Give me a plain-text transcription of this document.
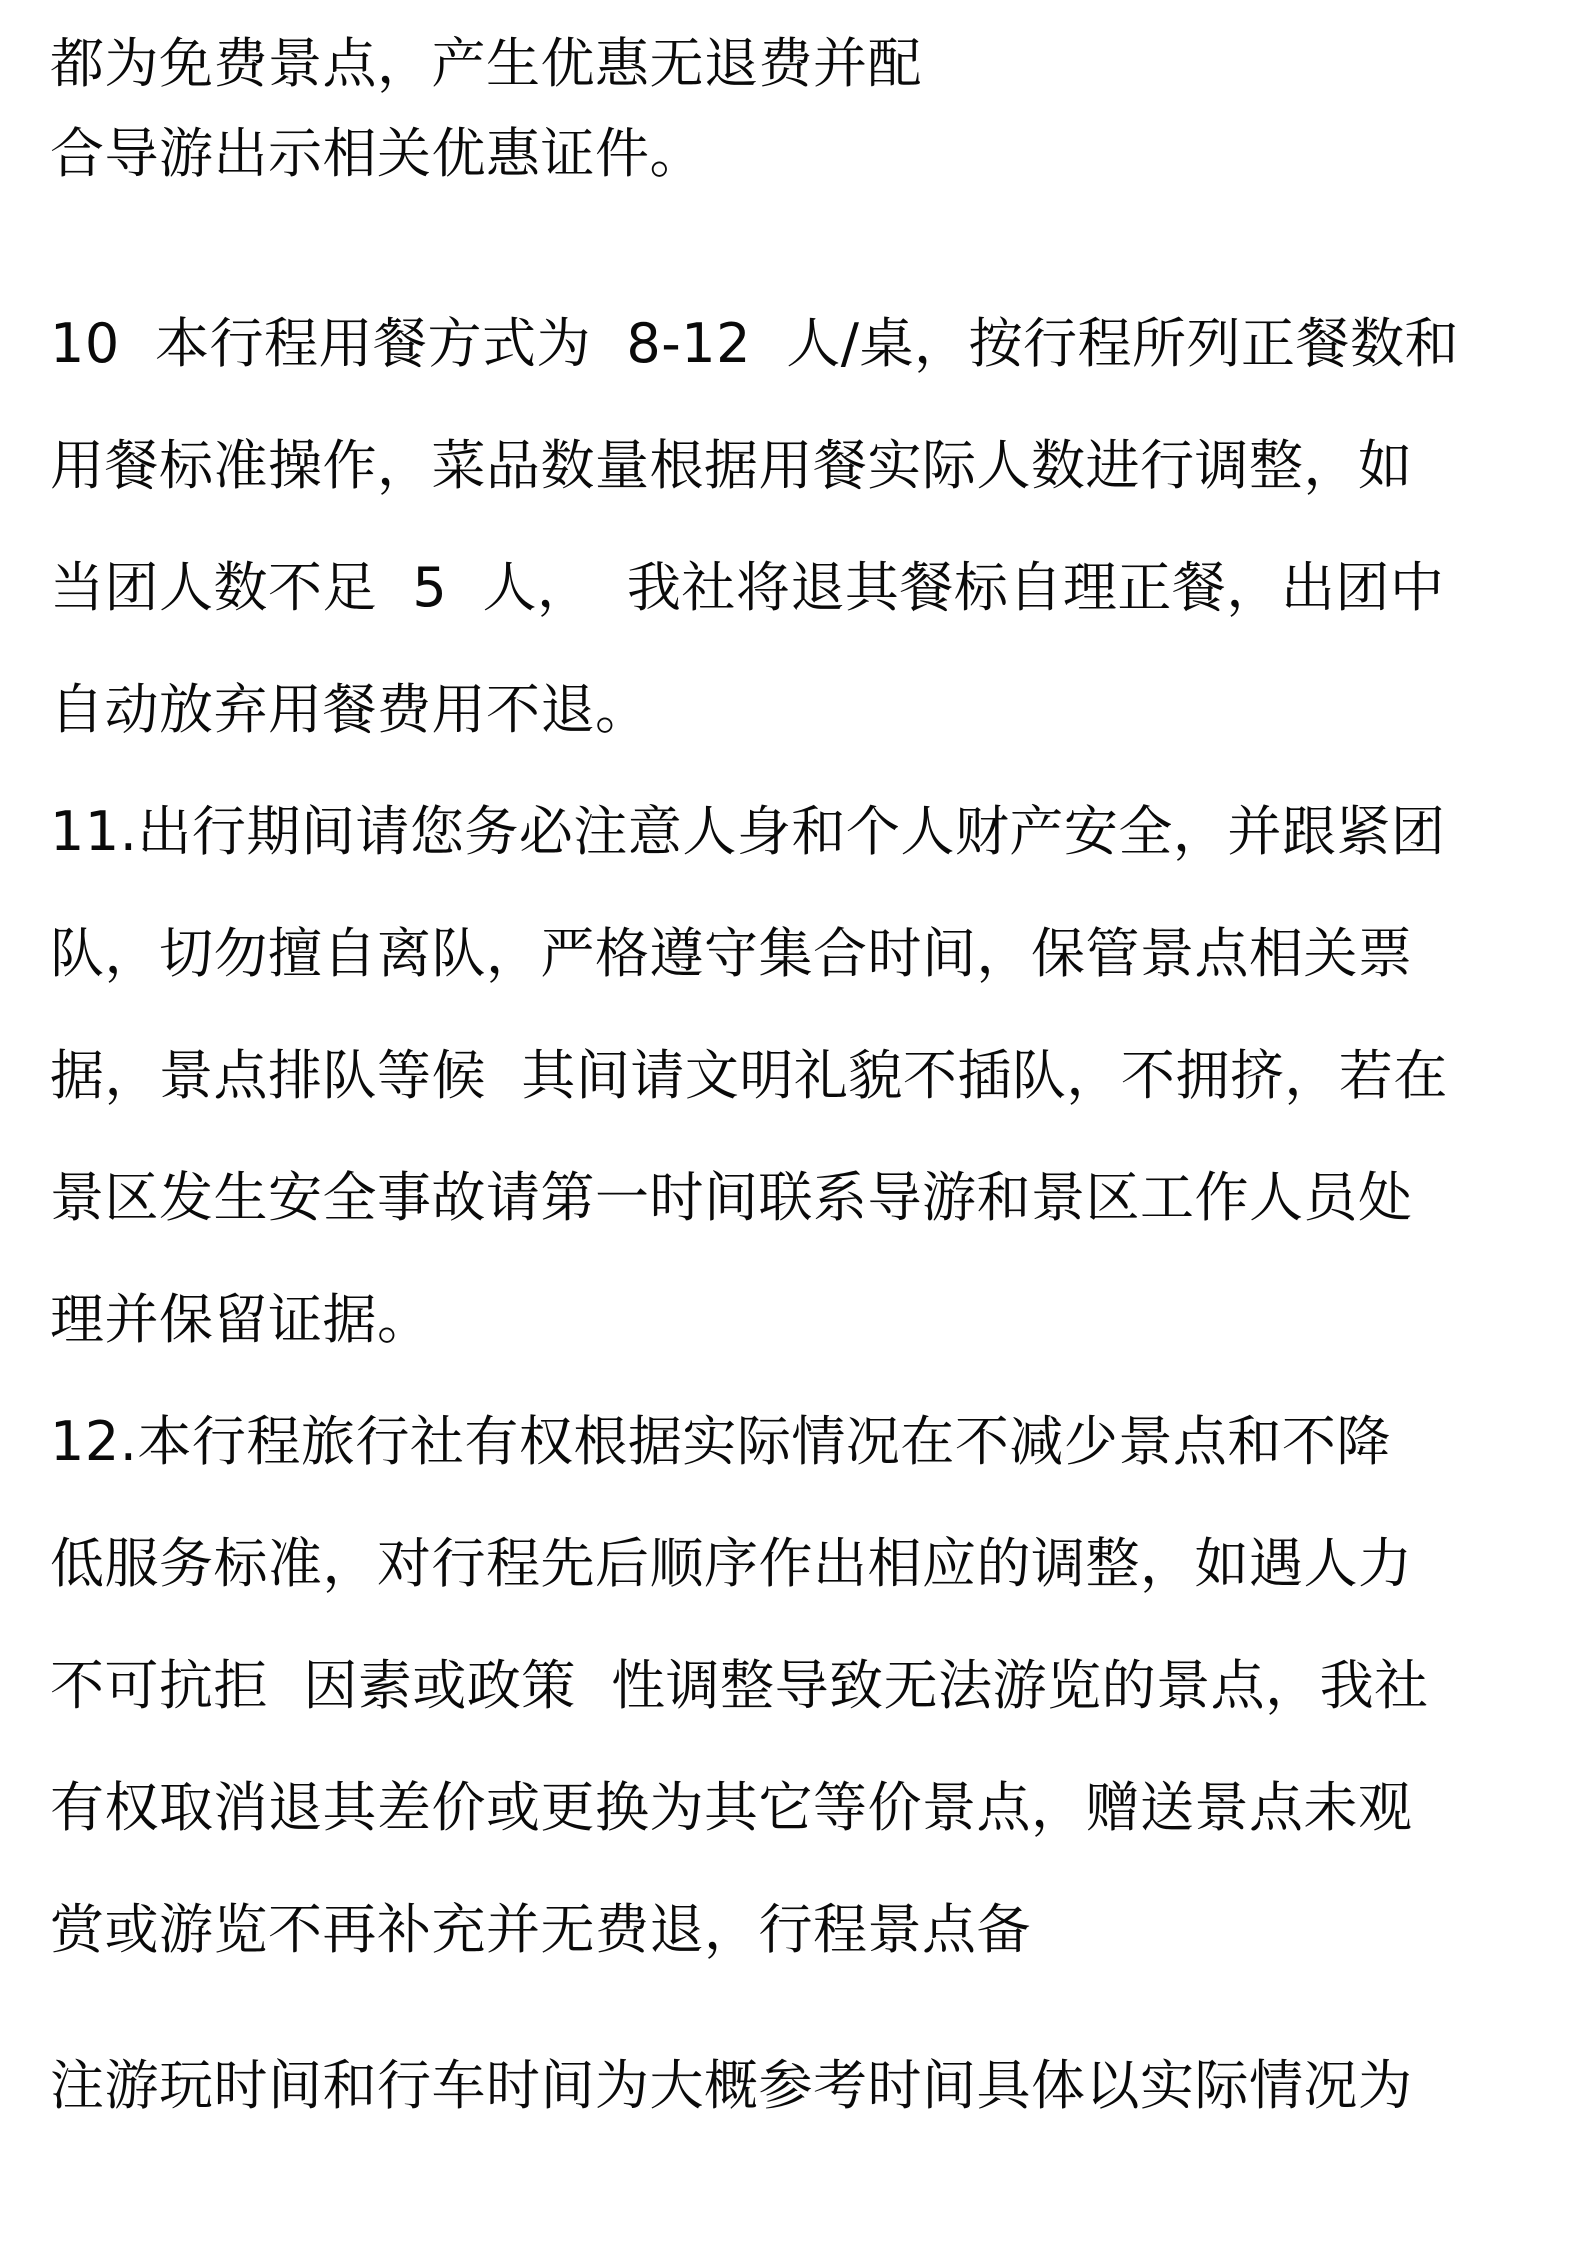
都为免费景点，产生优惠无退费并配

合导游出示相关优惠证件。

10  本行程用餐方式为  8-12  人/桌，按行程所列正餐数和

用餐标准操作，菜品数量根据用餐实际人数进行调整，如

当团人数不足  5  人，  我社将退其餐标自理正餐，出团中

自动放弃用餐费用不退。

11.出行期间请您务必注意人身和个人财产安全，并跟紧团

队，切勿擅自离队，严格遵守集合时间，保管景点相关票

据，景点排队等候  其间请文明礼貌不插队，不拥挤，若在

景区发生安全事故请第一时间联系导游和景区工作人员处

理并保留证据。

12.本行程旅行社有权根据实际情况在不减少景点和不降

低服务标准，对行程先后顺序作出相应的调整，如遇人力

不可抗拒  因素或政策  性调整导致无法游览的景点，我社

有权取消退其差价或更换为其它等价景点，赠送景点未观

赏或游览不再补充并无费退，行程景点备

注游玩时间和行车时间为大概参考时间具体以实际情况为
